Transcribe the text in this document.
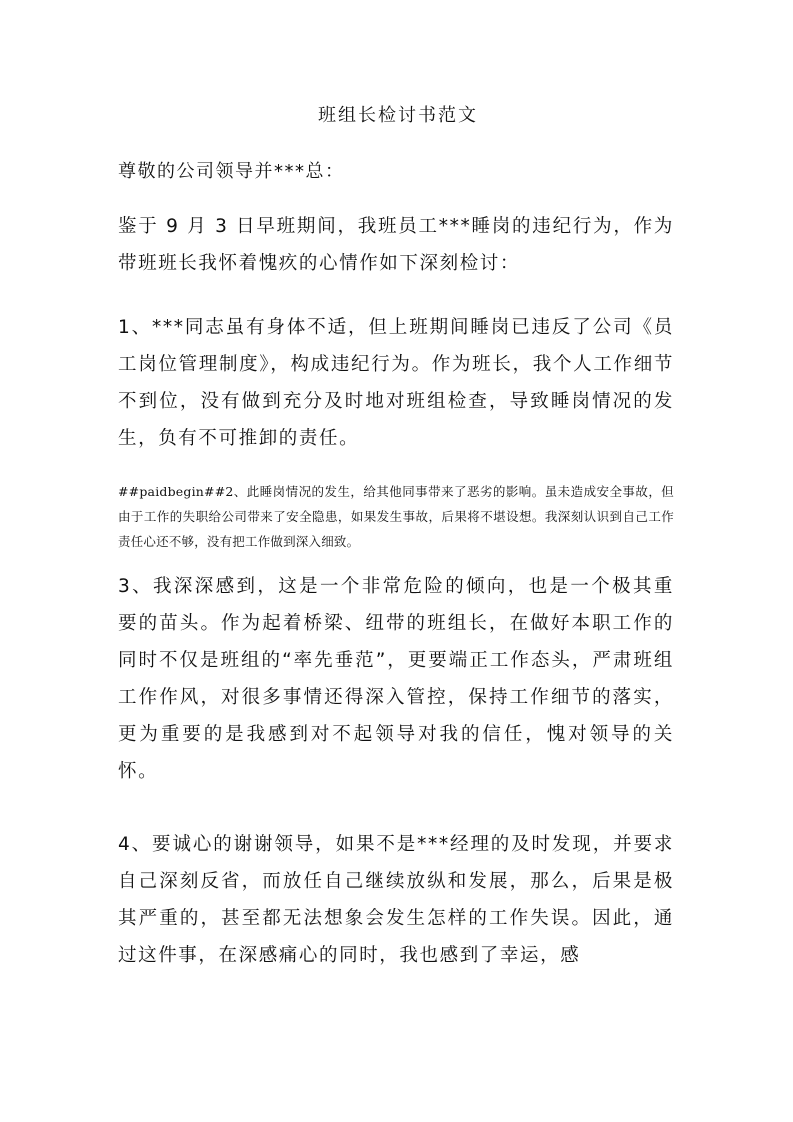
班组长检讨书范文
尊敬的公司领导并***总：
鉴于 9 月 3 日早班期间，我班员工***睡岗的违纪行为，作为带班班长我怀着愧疚的心情作如下深刻检讨：
1、***同志虽有身体不适，但上班期间睡岗已违反了公司《员工岗位管理制度》，构成违纪行为。作为班长，我个人工作细节不到位，没有做到充分及时地对班组检查，导致睡岗情况的发生，负有不可推卸的责任。
##paidbegin##2、此睡岗情况的发生，给其他同事带来了恶劣的影响。虽未造成安全事故，但由于工作的失职给公司带来了安全隐患，如果发生事故，后果将不堪设想。我深刻认识到自己工作责任心还不够，没有把工作做到深入细致。
3、我深深感到，这是一个非常危险的倾向，也是一个极其重要的苗头。作为起着桥梁、纽带的班组长，在做好本职工作的同时不仅是班组的“率先垂范”，更要端正工作态头，严肃班组工作作风，对很多事情还得深入管控，保持工作细节的落实，更为重要的是我感到对不起领导对我的信任，愧对领导的关怀。
4、要诚心的谢谢领导，如果不是***经理的及时发现，并要求自己深刻反省，而放任自己继续放纵和发展，那么，后果是极其严重的，甚至都无法想象会发生怎样的工作失误。因此，通过这件事，在深感痛心的同时，我也感到了幸运，感
